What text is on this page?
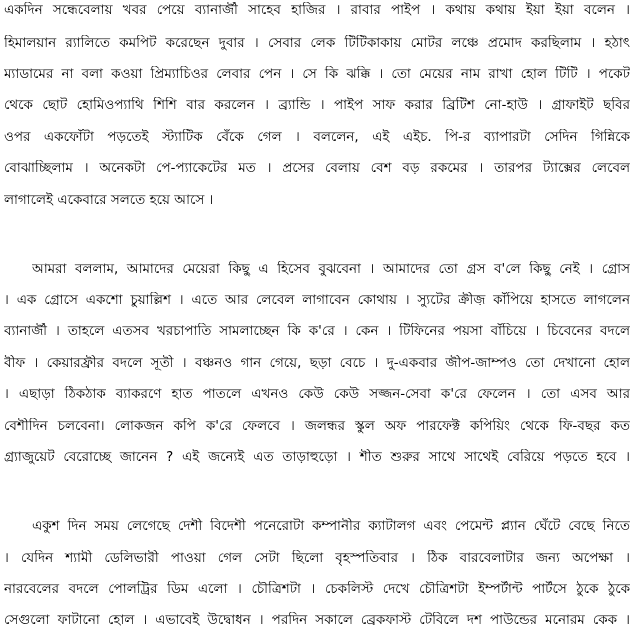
একদিন সন্ধেবেলায় খবর পেয়ে ব্যানার্জী সাহেব হাজির । রাবার পাইপ । কথায় কথায় ইয়া ইয়া বলেন ।
হিমালয়ান র‍্যালিতে কমপিট করেছেন দুবার । সেবার লেক টিটিকাকায় মোটর লঞ্চে প্রমোদ করছিলাম । হঠাৎ
ম্যাডামের না বলা কওয়া প্রিম্যাচিওর লেবার পেন । সে কি ঝক্কি । তো মেয়ের নাম রাখা হোল টিটি । পকেট
থেকে ছোট হোমিওপ্যাথি শিশি বার করলেন । ব্র্যান্ডি । পাইপ সাফ করার ব্রিটিশ নো-হাউ । গ্রাফাইট ছবির
ওপর একফোঁটা পড়তেই স্ট্যাটিক বেঁকে গেল । বললেন, এই এইচ. পি-র ব্যাপারটা সেদিন গিন্নিকে
বোঝাচ্ছিলাম । অনেকটা পে-প্যাকেটের মত । প্রসের বেলায় বেশ বড় রকমের । তারপর ট্যাক্সের লেবেল
লাগালেই একেবারে সলতে হয়ে আসে ।
আমরা বললাম, আমাদের মেয়েরা কিছু এ হিসেব বুঝবেনা । আমাদের তো গ্রস ব'লে কিছু নেই । গ্রোস
। এক গ্রোসে একশো চুয়াল্লিশ । এতে আর লেবেল লাগাবেন কোথায় । স্যুটের ক্রীজ় কাঁপিয়ে হাসতে লাগলেন
ব্যানার্জী । তাহলে এতসব খরচাপাতি সামলাচ্ছেন কি ক'রে । কেন । টিফিনের পয়সা বাঁচিয়ে । চিবেনের বদলে
বীফ । কেয়ারফ্রীর বদলে সূতী । বঞ্চনও গান গেয়ে, ছড়া বেচে । দু-একবার জীপ-জাম্পও তো দেখানো হোল
। এছাড়া ঠিকঠাক ব্যাকরণে হাত পাতলে এখনও কেউ কেউ সজ্জন-সেবা ক'রে ফেলেন । তো এসব আর
বেশীদিন চলবেনা। লোকজন কপি ক'রে ফেলবে । জলন্ধর স্কুল অফ পারফেক্ট কপিয়িং থেকে ফি-বছর কত
গ্র্যাজুয়েট বেরোচ্ছে জানেন ? এই জন্যেই এত তাড়াহুড়ো । শীত শুরুর সাথে সাথেই বেরিয়ে পড়তে হবে ।
একুশ দিন সময় লেগেছে দেশী বিদেশী পনেরোটা কম্পানীর ক্যাটালগ এবং পেমেন্ট প্ল্যান ঘেঁটে বেছে নিতে
। যেদিন শ্যামী ডেলিভারী পাওয়া গেল সেটা ছিলো বৃহস্পতিবার । ঠিক বারবেলাটার জন্য অপেক্ষা ।
নারবেলের বদলে পোলট্রির ডিম এলো । চৌত্রিশটা । চেকলিস্ট দেখে চৌত্রিশটা ইম্পর্টান্ট পার্টসে ঠুকে ঠুকে
সেগুলো ফাটানো হোল । এভাবেই উদ্বোধন । পরদিন সকালে ব্রেকফাস্ট টেবিলে দশ পাউন্ডের মনোরম কেক ।
